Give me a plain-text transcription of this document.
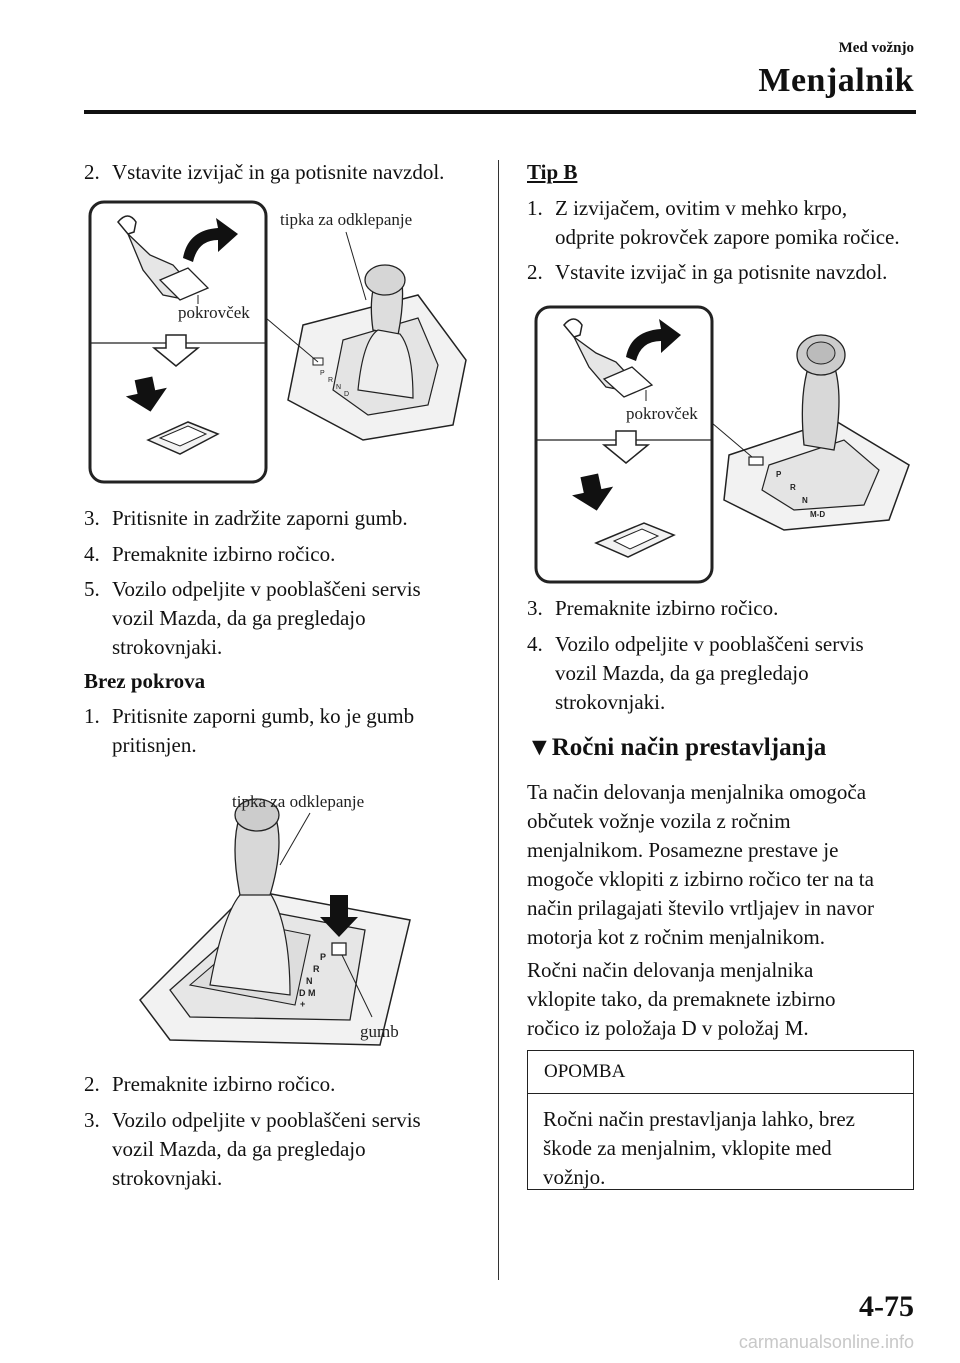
Med vožnjo
Menjalnik
2. Vstavite izvijač in ga potisnite navzdol.
P
R
N
D
tipka za odklepanje
pokrovček
3. Pritisnite in zadržite zaporni gumb.
4. Premaknite izbirno ročico.
5. Vozilo odpeljite v pooblaščeni servis
vozil Mazda, da ga pregledajo
strokovnjaki.
Brez pokrova
1. Pritisnite zaporni gumb, ko je gumb
pritisnjen.
P
R
N
D M
+
tipka za odklepanje
gumb
2. Premaknite izbirno ročico.
3. Vozilo odpeljite v pooblaščeni servis
vozil Mazda, da ga pregledajo
strokovnjaki.
Tip B
1. Z izvijačem, ovitim v mehko krpo,
odprite pokrovček zapore pomika ročice.
2. Vstavite izvijač in ga potisnite navzdol.
P
R
N
M-D
pokrovček
3. Premaknite izbirno ročico.
4. Vozilo odpeljite v pooblaščeni servis
vozil Mazda, da ga pregledajo
strokovnjaki.
▼Ročni način prestavljanja
Ta način delovanja menjalnika omogoča
občutek vožnje vozila z ročnim
menjalnikom. Posamezne prestave je
mogoče vklopiti z izbirno ročico ter na ta
način prilagajati število vrtljajev in navor
motorja kot z ročnim menjalnikom.
Ročni način delovanja menjalnika
vklopite tako, da premaknete izbirno
ročico iz položaja D v položaj M.
OPOMBA
Ročni način prestavljanja lahko, brez
škode za menjalnim, vklopite med
vožnjo.
4-75
carmanualsonline.info
